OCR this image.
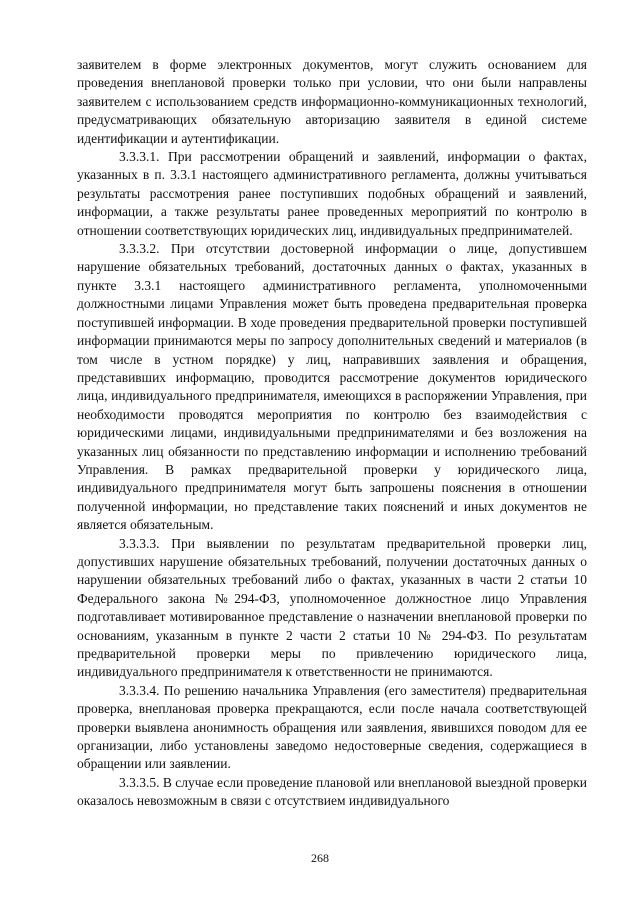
заявителем в форме электронных документов, могут служить основанием для проведения внеплановой проверки только при условии, что они были направлены заявителем с использованием средств информационно-коммуникационных технологий, предусматривающих обязательную авторизацию заявителя в единой системе идентификации и аутентификации.

3.3.3.1. При рассмотрении обращений и заявлений, информации о фактах, указанных в п. 3.3.1 настоящего административного регламента, должны учитываться результаты рассмотрения ранее поступивших подобных обращений и заявлений, информации, а также результаты ранее проведенных мероприятий по контролю в отношении соответствующих юридических лиц, индивидуальных предпринимателей.

3.3.3.2. При отсутствии достоверной информации о лице, допустившем нарушение обязательных требований, достаточных данных о фактах, указанных в пункте 3.3.1 настоящего административного регламента, уполномоченными должностными лицами Управления может быть проведена предварительная проверка поступившей информации. В ходе проведения предварительной проверки поступившей информации принимаются меры по запросу дополнительных сведений и материалов (в том числе в устном порядке) у лиц, направивших заявления и обращения, представивших информацию, проводится рассмотрение документов юридического лица, индивидуального предпринимателя, имеющихся в распоряжении Управления, при необходимости проводятся мероприятия по контролю без взаимодействия с юридическими лицами, индивидуальными предпринимателями и без возложения на указанных лиц обязанности по представлению информации и исполнению требований Управления. В рамках предварительной проверки у юридического лица, индивидуального предпринимателя могут быть запрошены пояснения в отношении полученной информации, но представление таких пояснений и иных документов не является обязательным.

3.3.3.3. При выявлении по результатам предварительной проверки лиц, допустивших нарушение обязательных требований, получении достаточных данных о нарушении обязательных требований либо о фактах, указанных в части 2 статьи 10 Федерального закона №294-ФЗ, уполномоченное должностное лицо Управления подготавливает мотивированное представление о назначении внеплановой проверки по основаниям, указанным в пункте 2 части 2 статьи 10 № 294-ФЗ. По результатам предварительной проверки меры по привлечению юридического лица, индивидуального предпринимателя к ответственности не принимаются.

3.3.3.4. По решению начальника Управления (его заместителя) предварительная проверка, внеплановая проверка прекращаются, если после начала соответствующей проверки выявлена анонимность обращения или заявления, явившихся поводом для ее организации, либо установлены заведомо недостоверные сведения, содержащиеся в обращении или заявлении.

3.3.3.5. В случае если проведение плановой или внеплановой выездной проверки оказалось невозможным в связи с отсутствием индивидуального

268
